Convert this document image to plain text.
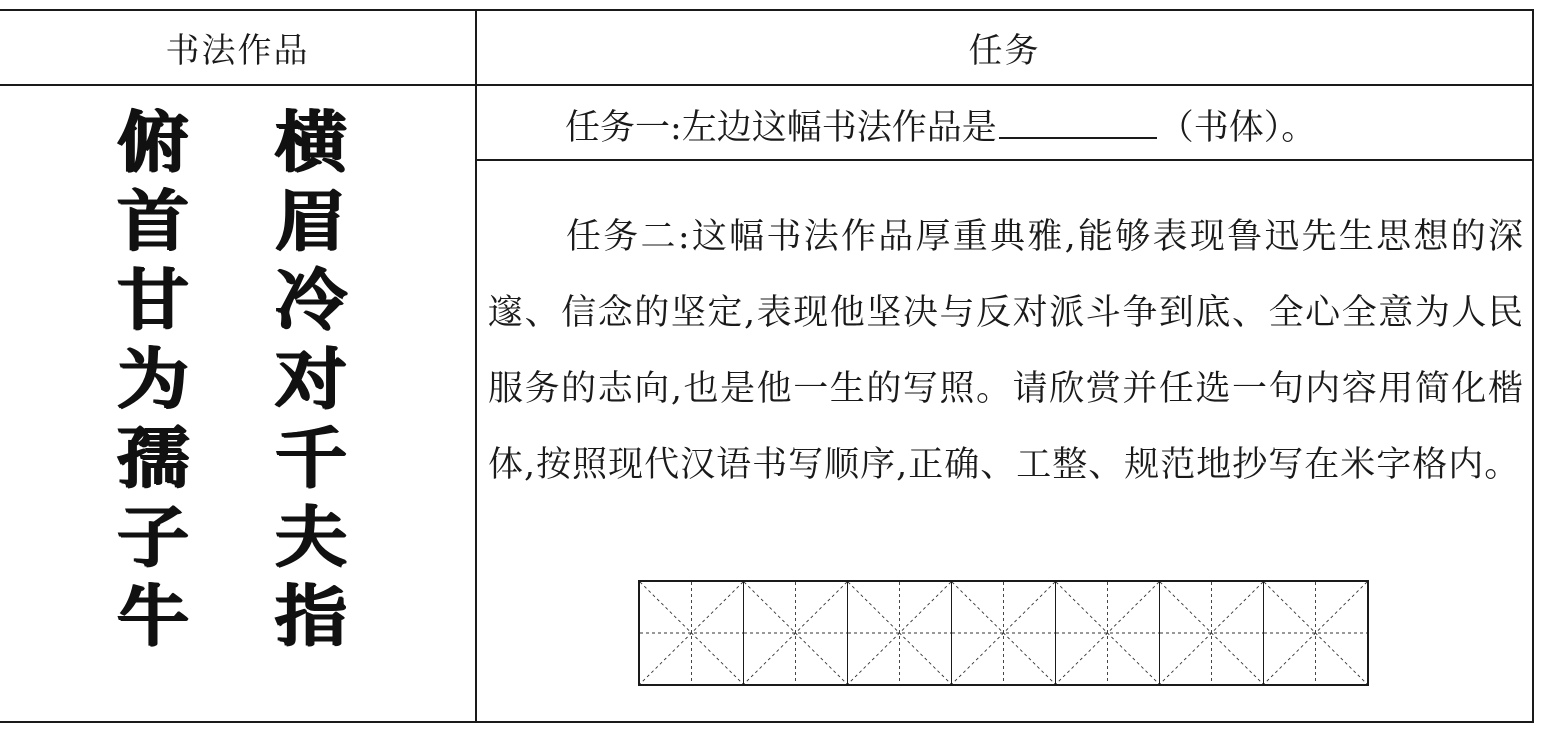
书法作品	任务
俯
首
甘
为
孺
子
牛
横
眉
冷
对
千
夫
指
任务一:左边这幅书法作品是	（书体）。
任务二:这幅书法作品厚重典雅,能够表现鲁迅先生思想的深邃、信念的坚定,表现他坚决与反对派斗争到底、全心全意为人民服务的志向,也是他一生的写照。请欣赏并任选一句内容用简化楷体,按照现代汉语书写顺序,正确、工整、规范地抄写在米字格内。
